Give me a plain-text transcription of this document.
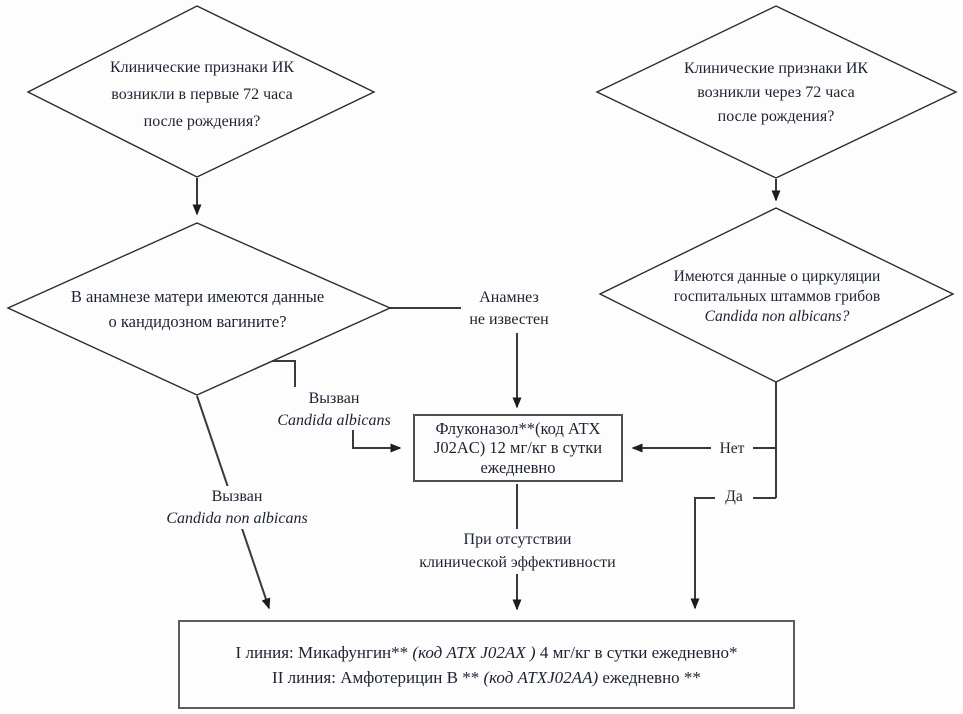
Клинические признаки ИК
возникли в первые 72 часа
после рождения?
Клинические признаки ИК
возникли через 72 часа
после рождения?
В анамнезе матери имеются данные
о кандидозном вагините?
Имеются данные о циркуляции
госпитальных штаммов грибов
Candida non albicans?
Анамнез
не известен
Вызван
Candida albicans
Вызван
Candida non albicans
Нет
Да
При отсутствии
клинической эффективности
Флуконазол**(код АТХ
J02AC) 12 мг/кг в сутки
ежедневно
I линия: Микафунгин** (код АТХ J02AX ) 4 мг/кг в сутки ежедневно*
II линия: Амфотерицин В ** (код АТХJ02AA) ежедневно **
